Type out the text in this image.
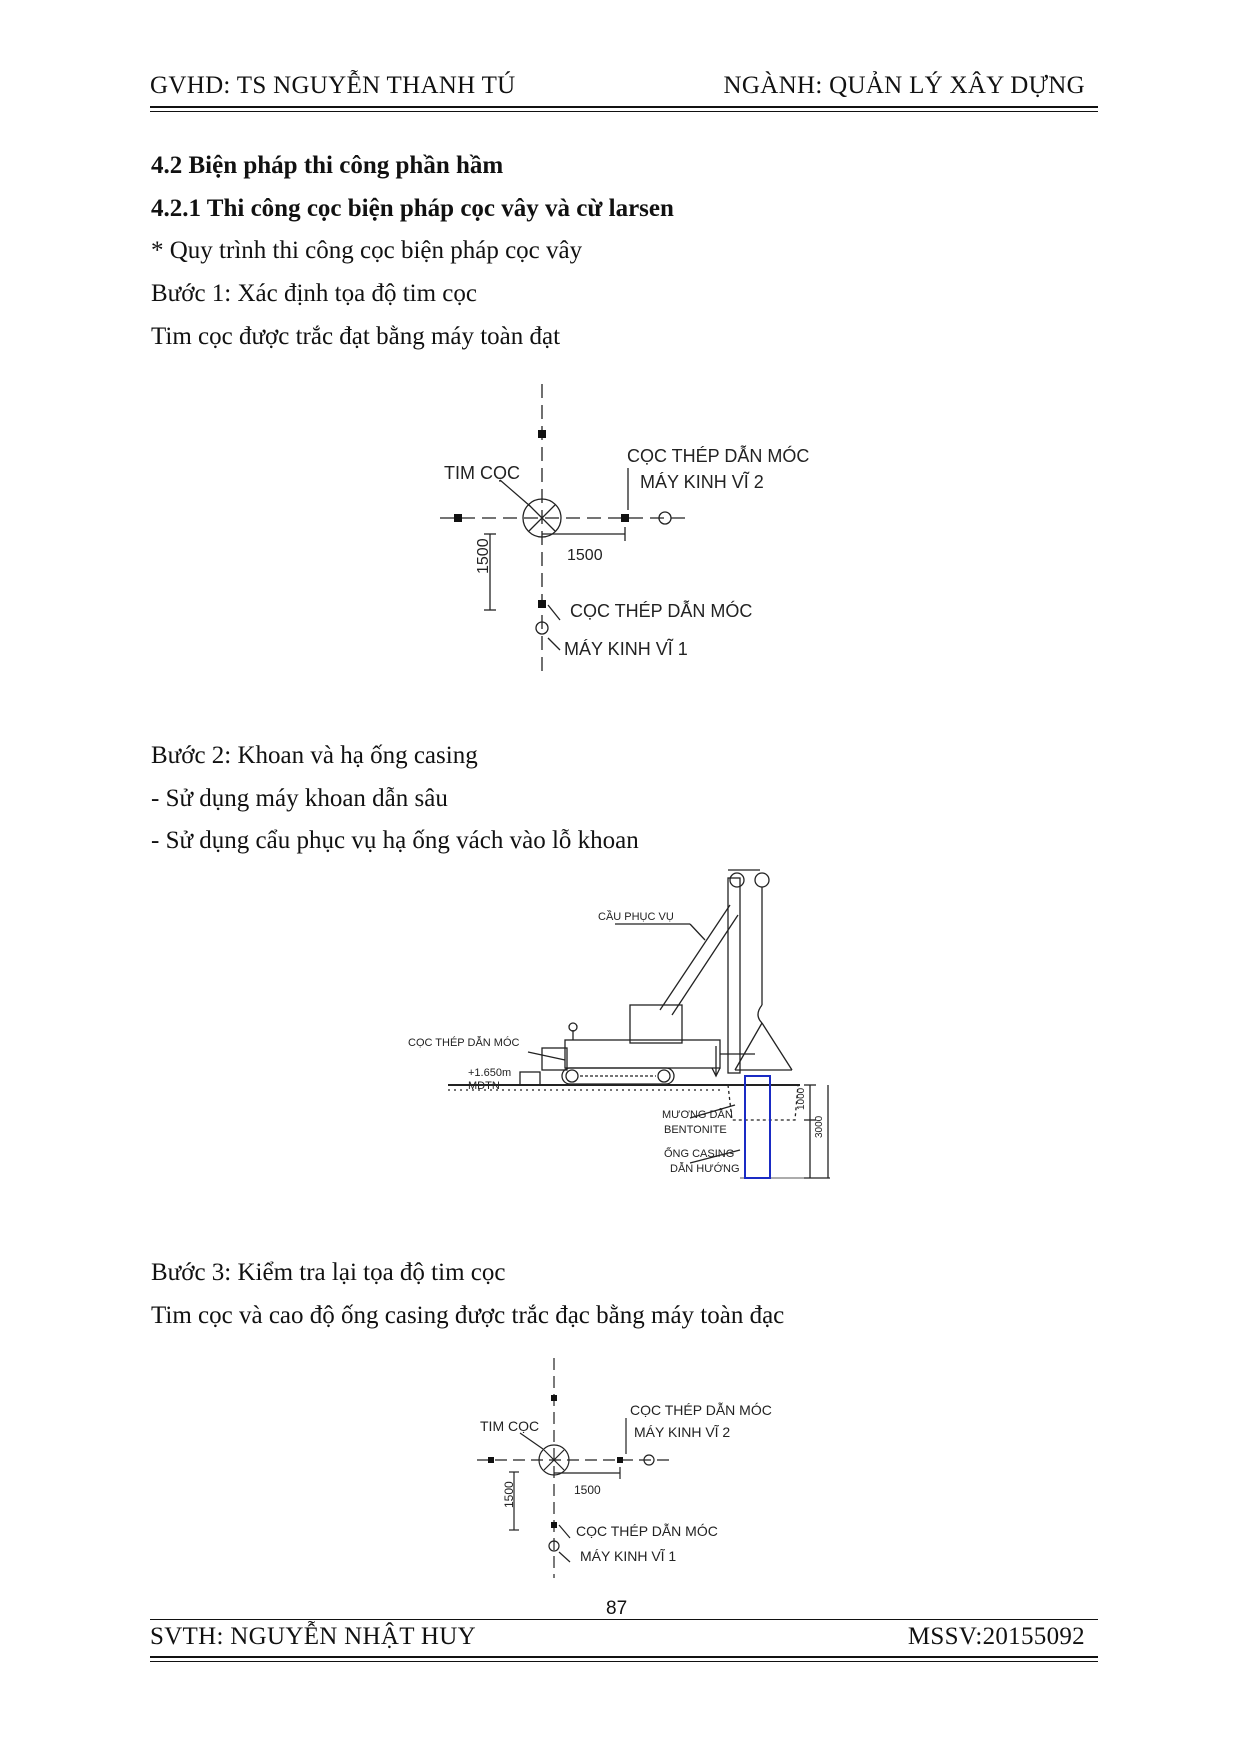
GVHD: TS NGUYỄN THANH TÚ	NGÀNH: QUẢN LÝ XÂY DỰNG
4.2 Biện pháp thi công phần hầm
4.2.1 Thi công cọc biện pháp cọc vây và cừ larsen
* Quy trình thi công cọc biện pháp cọc vây
Bước 1: Xác định tọa độ tim cọc
Tim cọc được trắc đạt bằng máy toàn đạt
TIM CỌC
CỌC THÉP DẪN MÓC
MÁY KINH VĨ 2
1500
1500
CỌC THÉP DẪN MÓC
MÁY KINH VĨ 1
Bước 2: Khoan và hạ ống casing
- Sử dụng máy khoan dẫn sâu
- Sử dụng cẩu phục vụ hạ ống vách vào lỗ khoan
CẦU PHỤC VỤ
CỌC THÉP DẪN MÓC
+1.650m
MĐTN
MƯƠNG DẪN
BENTONITE
ỐNG CASING
DẪN HƯỚNG
1000
3000
Bước 3: Kiểm tra lại tọa độ tim cọc
Tim cọc và cao độ ống casing được trắc đạc bằng máy toàn đạc
TIM CỌC
CỌC THÉP DẪN MÓC
MÁY KINH VĨ 2
1500
1500
CỌC THÉP DẪN MÓC
MÁY KINH VĨ 1
87
SVTH: NGUYỄN NHẬT HUY	MSSV:20155092
